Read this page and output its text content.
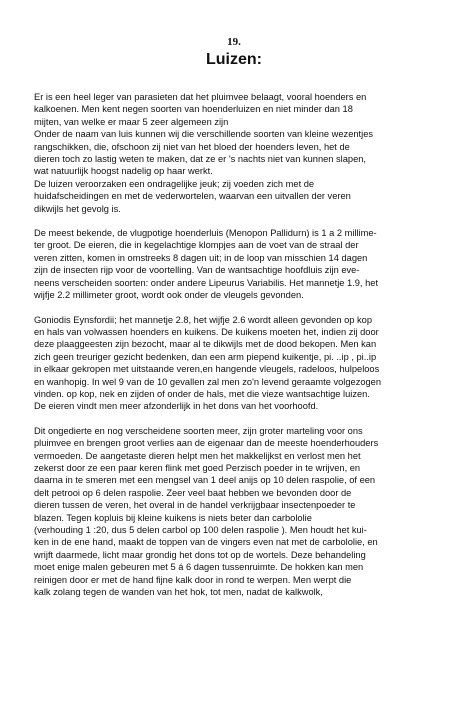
19.

Luizen:

Er is een heel leger van parasieten dat het pluimvee belaagt, vooral hoenders en
kalkoenen. Men kent negen soorten van hoenderluizen en niet minder dan 18
mijten, van welke er maar 5 zeer algemeen zijn
Onder de naam van luis kunnen wij die verschillende soorten van kleine wezentjes
rangschikken, die, ofschoon zij niet van het bloed der hoenders leven, het de
dieren toch zo lastig weten te maken, dat ze er 's nachts niet van kunnen slapen,
wat natuurlijk hoogst nadelig op haar werkt.
De luizen veroorzaken een ondragelijke jeuk; zij voeden zich met de
huidafscheidingen en met de vederwortelen, waarvan een uitvallen der veren
dikwijls het gevolg is.

De meest bekende, de vlugpotige hoenderluis (Menopon Pallidurn) is 1 a 2 millime-
ter groot. De eieren, die in kegelachtige klompjes aan de voet van de straal der
veren zitten, komen in omstreeks 8 dagen uit; in de loop van misschien 14 dagen
zijn de insecten rijp voor de voortelling. Van de wantsachtige hoofdluis zijn eve-
neens verscheiden soorten: onder andere Lipeurus Variabilis. Het mannetje 1.9, het
wijfje 2.2 millimeter groot, wordt ook onder de vleugels gevonden.

Goniodis Eynsfordii; het mannetje 2.8, het wijfje 2.6 wordt alleen gevonden op kop
en hals van volwassen hoenders en kuikens. De kuikens moeten het, indien zij door
deze plaaggeesten zijn bezocht, maar al te dikwijls met de dood bekopen. Men kan
zich geen treuriger gezicht bedenken, dan een arm piepend kuikentje, pi. ..ip , pi..ip
in elkaar gekropen met uitstaande veren,en hangende vleugels, radeloos, hulpeloos
en wanhopig. In wel 9 van de 10 gevallen zal men zo'n levend geraamte volgezogen
vinden. op kop, nek en zijden of onder de hals, met die vieze wantsachtige luizen.
De eieren vindt men meer afzonderlijk in het dons van het voorhoofd.

Dit ongedierte en nog verscheidene soorten meer, zijn groter marteling voor ons
pluimvee en brengen groot verlies aan de eigenaar dan de meeste hoenderhouders
vermoeden. De aangetaste dieren helpt men het makkelijkst en verlost men het
zekerst door ze een paar keren flink met goed Perzisch poeder in te wrijven, en
daarna in te smeren met een mengsel van 1 deel anijs op 10 delen raspolie, of een
delt petrooi op 6 delen raspolie. Zeer veel baat hebben we bevonden door de
dieren tussen de veren, het overal in de handel verkrijgbaar insectenpoeder te
blazen. Tegen kopluis bij kleine kuikens is niets beter dan carbololie
(verhouding 1 :20, dus 5 delen carbol op 100 delen raspolie ). Men houdt het kui-
ken in de ene hand, maakt de toppen van de vingers even nat met de carbololie, en
wrijft daarmede, licht maar grondig het dons tot op de wortels. Deze behandeling
moet enige malen gebeuren met 5 á 6 dagen tussenruimte. De hokken kan men
reinigen door er met de hand fijne kalk door in rond te werpen. Men werpt die
kalk zolang tegen de wanden van het hok, tot men, nadat de kalkwolk,
